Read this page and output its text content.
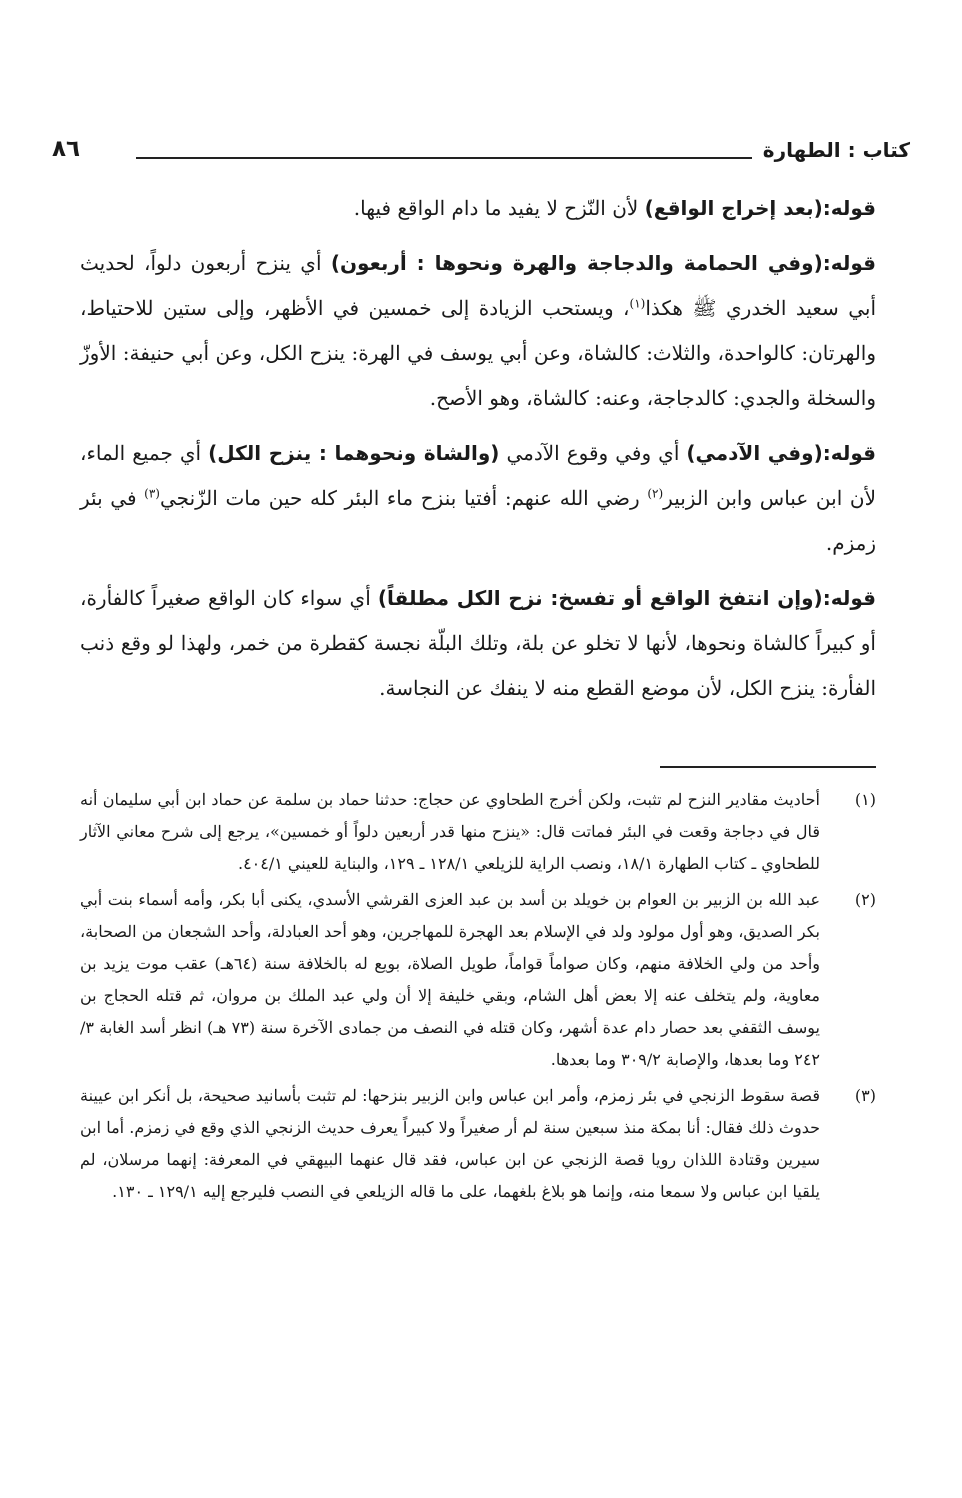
كتاب : الطهارة
٨٦

قوله:(بعد إخراج الواقع) لأن النّزح لا يفيد ما دام الواقع فيها.

قوله:(وفي الحمامة والدجاجة والهرة ونحوها : أربعون) أي ينزح أربعون دلواً، لحديث أبي سعيد الخدري ﷺ هكذا$^{(١)}$، ويستحب الزيادة إلى خمسين في الأظهر، وإلى ستين للاحتياط، والهرتان: كالواحدة، والثلاث: كالشاة، وعن أبي يوسف في الهرة: ينزح الكل، وعن أبي حنيفة: الأوزّ والسخلة والجدي: كالدجاجة، وعنه: كالشاة، وهو الأصح.

قوله:(وفي الآدمي) أي وفي وقوع الآدمي (والشاة ونحوهما : ينزح الكل) أي جميع الماء، لأن ابن عباس وابن الزبير$^{(٢)}$ رضي الله عنهم: أفتيا بنزح ماء البئر كله حين مات الزّنجي$^{(٣)}$ في بئر زمزم.

قوله:(وإن انتفخ الواقع أو تفسخ: نزح الكل مطلقاً) أي سواء كان الواقع صغيراً كالفأرة، أو كبيراً كالشاة ونحوها، لأنها لا تخلو عن بلة، وتلك البلّة نجسة كقطرة من خمر، ولهذا لو وقع ذنب الفأرة: ينزح الكل، لأن موضع القطع منه لا ينفك عن النجاسة.

(١)
أحاديث مقادير النزح لم تثبت، ولكن أخرج الطحاوي عن حجاج: حدثنا حماد بن سلمة عن حماد ابن أبي سليمان أنه قال في دجاجة وقعت في البئر فماتت قال: «ينزح منها قدر أربعين دلواً أو خمسين»، يرجع إلى شرح معاني الآثار للطحاوي ـ كتاب الطهارة ١٨/١، ونصب الراية للزيلعي ١٢٨/١ ـ ١٢٩، والبناية للعيني ٤٠٤/١.
(٢)
عبد الله بن الزبير بن العوام بن خويلد بن أسد بن عبد العزى القرشي الأسدي، يكنى أبا بكر، وأمه أسماء بنت أبي بكر الصديق، وهو أول مولود ولد في الإسلام بعد الهجرة للمهاجرين، وهو أحد العبادلة، وأحد الشجعان من الصحابة، وأحد من ولي الخلافة منهم، وكان صواماً قواماً، طويل الصلاة، بويع له بالخلافة سنة (٦٤هـ) عقب موت يزيد بن معاوية، ولم يتخلف عنه إلا بعض أهل الشام، وبقي خليفة إلا أن ولي عبد الملك بن مروان، ثم قتله الحجاج بن يوسف الثقفي بعد حصار دام عدة أشهر، وكان قتله في النصف من جمادى الآخرة سنة (٧٣ هـ) انظر أسد الغابة ٣/ ٢٤٢ وما بعدها، والإصابة ٣٠٩/٢ وما بعدها.
(٣)
قصة سقوط الزنجي في بئر زمزم، وأمر ابن عباس وابن الزبير بنزحها: لم تثبت بأسانيد صحيحة، بل أنكر ابن عيينة حدوث ذلك فقال: أنا بمكة منذ سبعين سنة لم أر صغيراً ولا كبيراً يعرف حديث الزنجي الذي وقع في زمزم. أما ابن سيرين وقتادة اللذان رويا قصة الزنجي عن ابن عباس، فقد قال عنهما البيهقي في المعرفة: إنهما مرسلان، لم يلقيا ابن عباس ولا سمعا منه، وإنما هو بلاغ بلغهما، على ما قاله الزيلعي في النصب فليرجع إليه ١٢٩/١ ـ ١٣٠.
